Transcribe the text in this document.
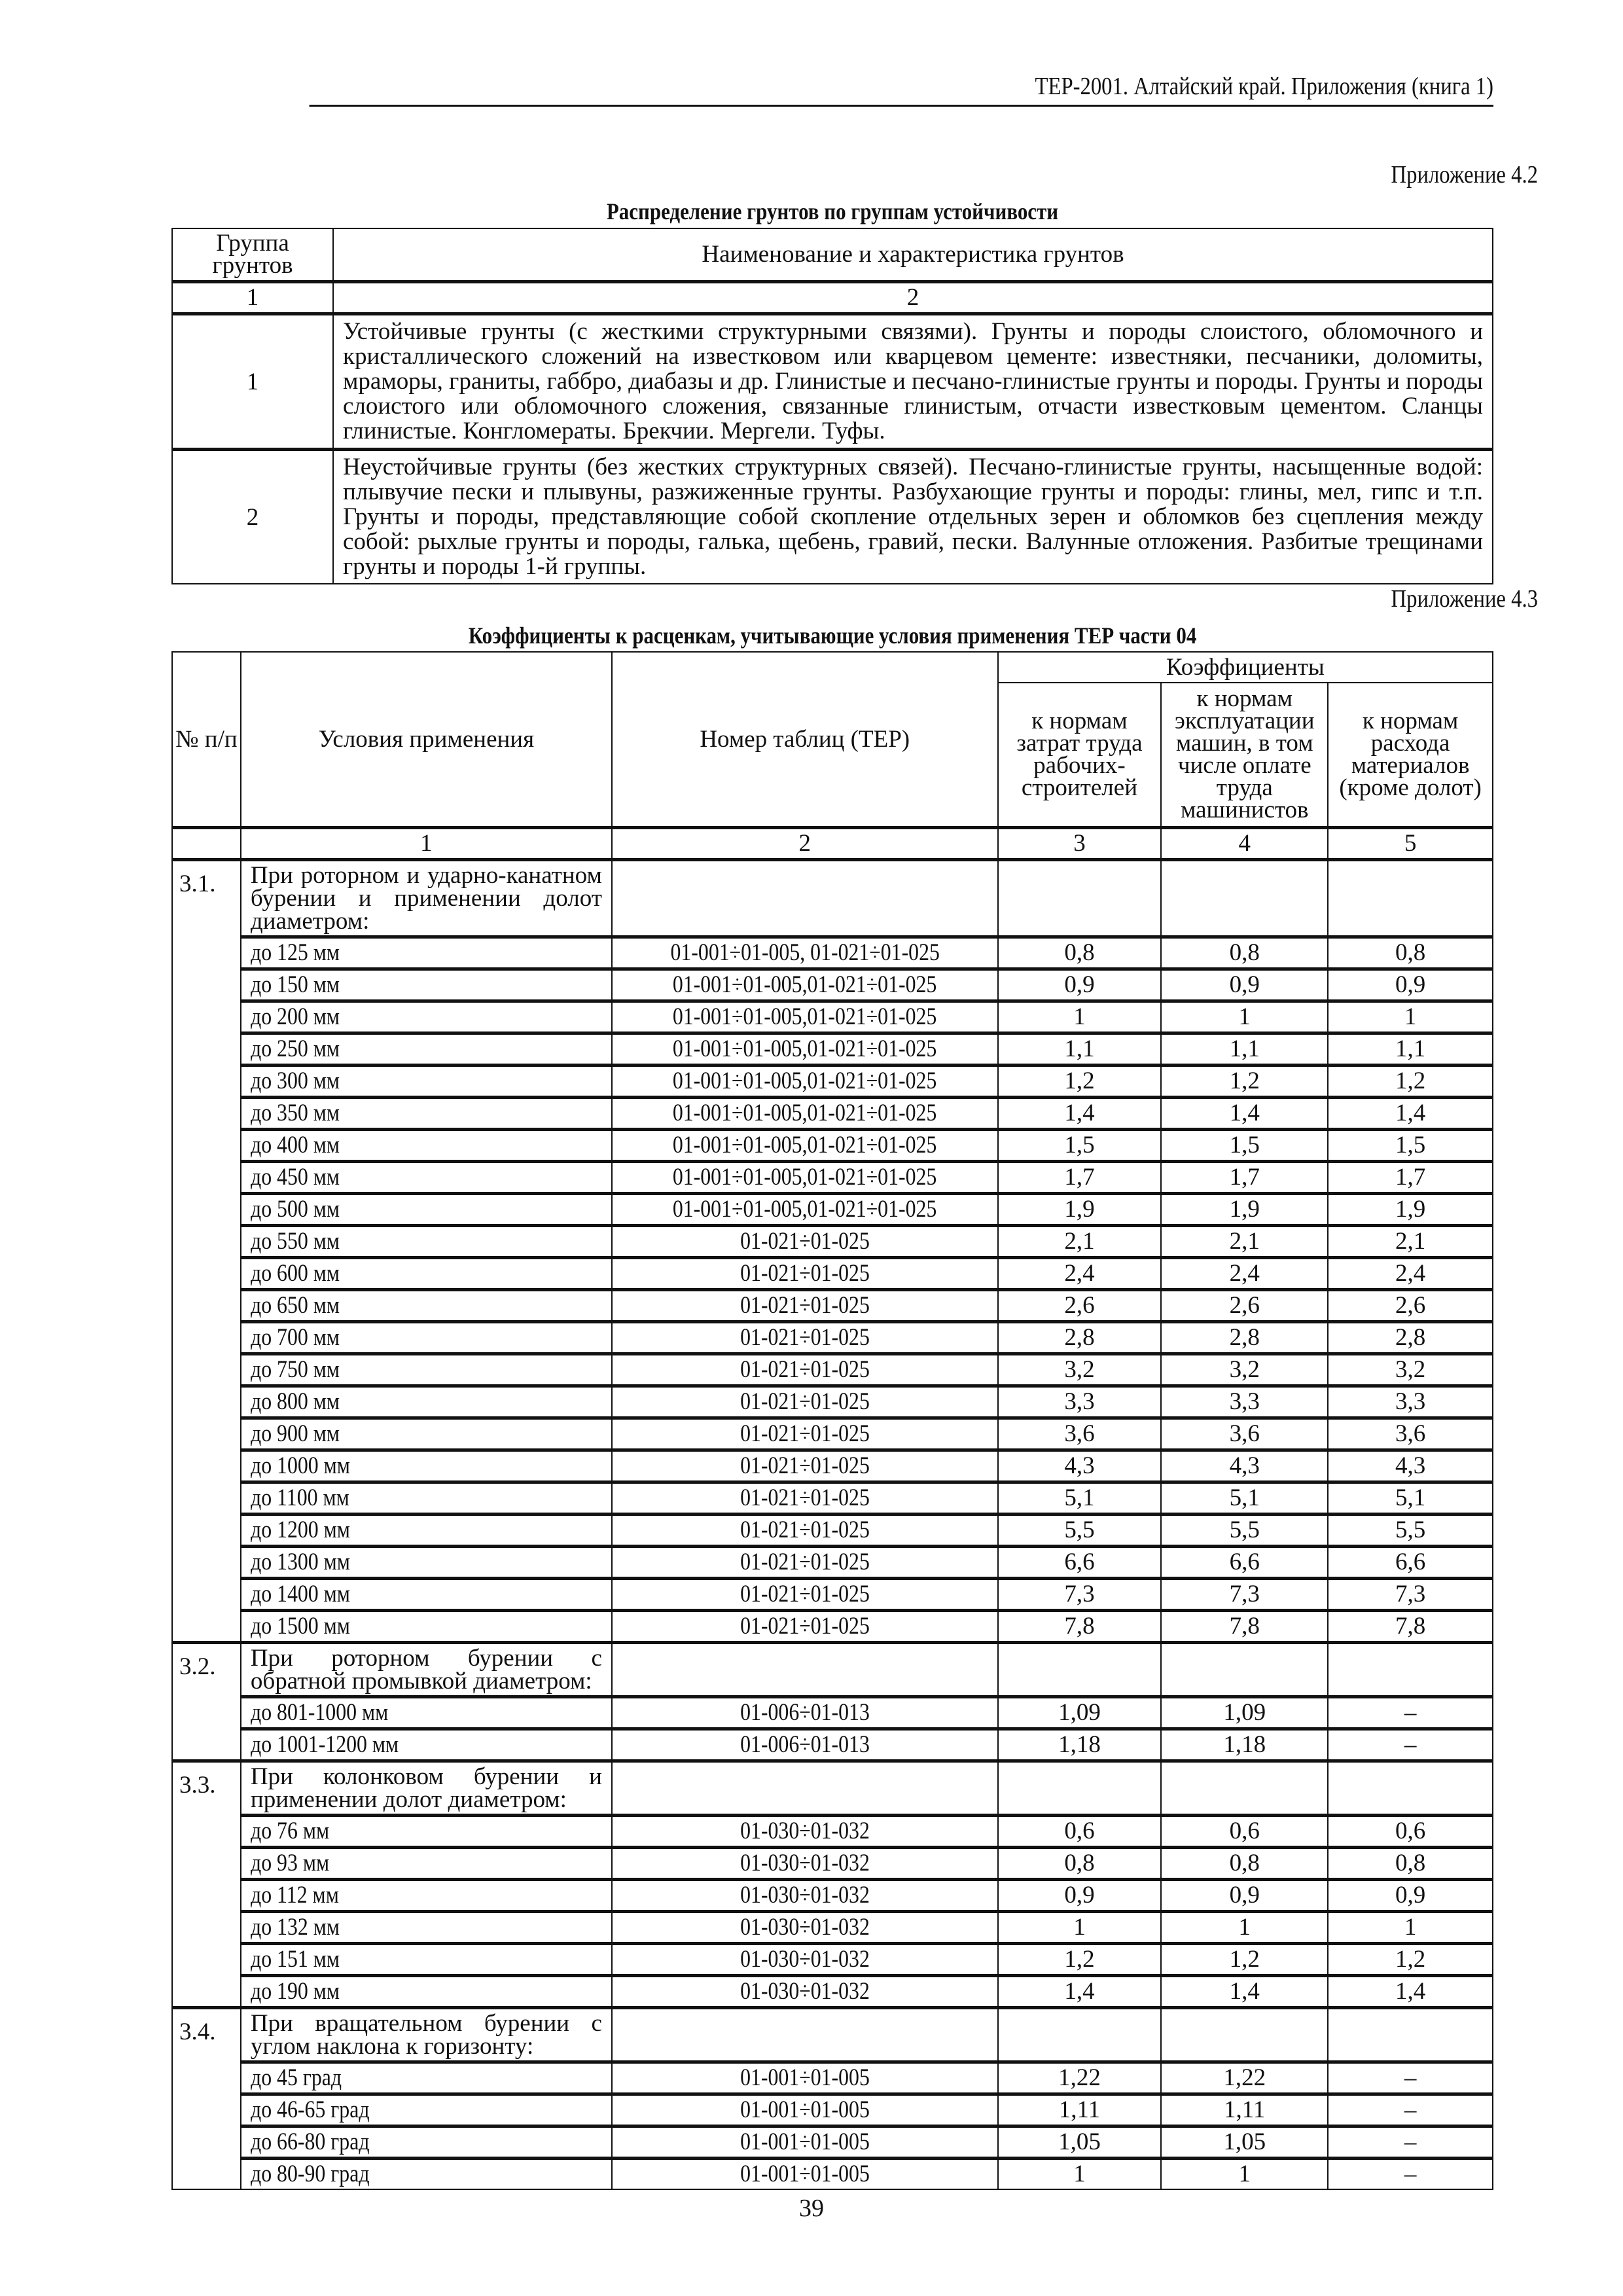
ТЕР-2001. Алтайский край. Приложения (книга 1)
Приложение 4.2
Распределение грунтов по группам устойчивости
Группа грунтов	Наименование и характеристика грунтов
1	2
1	Устойчивые грунты (с жесткими структурными связями). Грунты и породы слоистого, обломочного и кристаллического сложений на известковом или кварцевом цементе: известняки, песчаники, доломиты, мраморы, граниты, габбро, диабазы и др. Глинистые и песчано-глинистые грунты и породы. Грунты и породы слоистого или обломочного сложения, связанные глинистым, отчасти известковым цементом. Сланцы глинистые. Конгломераты. Брекчии. Мергели. Туфы.
2	Неустойчивые грунты (без жестких структурных связей). Песчано-глинистые грунты, насыщенные водой: плывучие пески и плывуны, разжиженные грунты. Разбухающие грунты и породы: глины, мел, гипс и т.п. Грунты и породы, представляющие собой скопление отдельных зерен и обломков без сцепления между собой: рыхлые грунты и породы, галька, щебень, гравий, пески. Валунные отложения. Разбитые трещинами грунты и породы 1-й группы.
Приложение 4.3
Коэффициенты к расценкам, учитывающие условия применения ТЕР части 04
№ п/п	Условия применения	Номер таблиц (ТЕР)	Коэффициенты		
			к нормам затрат труда рабочих-строителей	к нормам эксплуатации машин, в том числе оплате труда машинистов	к нормам расхода материалов (кроме долот)
	1	2	3	4	5
3.1.	При роторном и ударно-канатном бурении и применении долот диаметром:				
	до 125 мм	01-001÷01-005, 01-021÷01-025	0,8	0,8	0,8
	до 150 мм	01-001÷01-005,01-021÷01-025	0,9	0,9	0,9
	до 200 мм	01-001÷01-005,01-021÷01-025	1	1	1
	до 250 мм	01-001÷01-005,01-021÷01-025	1,1	1,1	1,1
	до 300 мм	01-001÷01-005,01-021÷01-025	1,2	1,2	1,2
	до 350 мм	01-001÷01-005,01-021÷01-025	1,4	1,4	1,4
	до 400 мм	01-001÷01-005,01-021÷01-025	1,5	1,5	1,5
	до 450 мм	01-001÷01-005,01-021÷01-025	1,7	1,7	1,7
	до 500 мм	01-001÷01-005,01-021÷01-025	1,9	1,9	1,9
	до 550 мм	01-021÷01-025	2,1	2,1	2,1
	до 600 мм	01-021÷01-025	2,4	2,4	2,4
	до 650 мм	01-021÷01-025	2,6	2,6	2,6
	до 700 мм	01-021÷01-025	2,8	2,8	2,8
	до 750 мм	01-021÷01-025	3,2	3,2	3,2
	до 800 мм	01-021÷01-025	3,3	3,3	3,3
	до 900 мм	01-021÷01-025	3,6	3,6	3,6
	до 1000 мм	01-021÷01-025	4,3	4,3	4,3
	до 1100 мм	01-021÷01-025	5,1	5,1	5,1
	до 1200 мм	01-021÷01-025	5,5	5,5	5,5
	до 1300 мм	01-021÷01-025	6,6	6,6	6,6
	до 1400 мм	01-021÷01-025	7,3	7,3	7,3
	до 1500 мм	01-021÷01-025	7,8	7,8	7,8
3.2.	При роторном бурении с обратной промывкой диаметром:				
	до 801-1000 мм	01-006÷01-013	1,09	1,09	–
	до 1001-1200 мм	01-006÷01-013	1,18	1,18	–
3.3.	При колонковом бурении и применении долот диаметром:				
	до 76 мм	01-030÷01-032	0,6	0,6	0,6
	до 93 мм	01-030÷01-032	0,8	0,8	0,8
	до 112 мм	01-030÷01-032	0,9	0,9	0,9
	до 132 мм	01-030÷01-032	1	1	1
	до 151 мм	01-030÷01-032	1,2	1,2	1,2
	до 190 мм	01-030÷01-032	1,4	1,4	1,4
3.4.	При вращательном бурении с углом наклона к горизонту:				
	до 45 град	01-001÷01-005	1,22	1,22	–
	до 46-65 град	01-001÷01-005	1,11	1,11	–
	до 66-80 град	01-001÷01-005	1,05	1,05	–
	до 80-90 град	01-001÷01-005	1	1	–
39
